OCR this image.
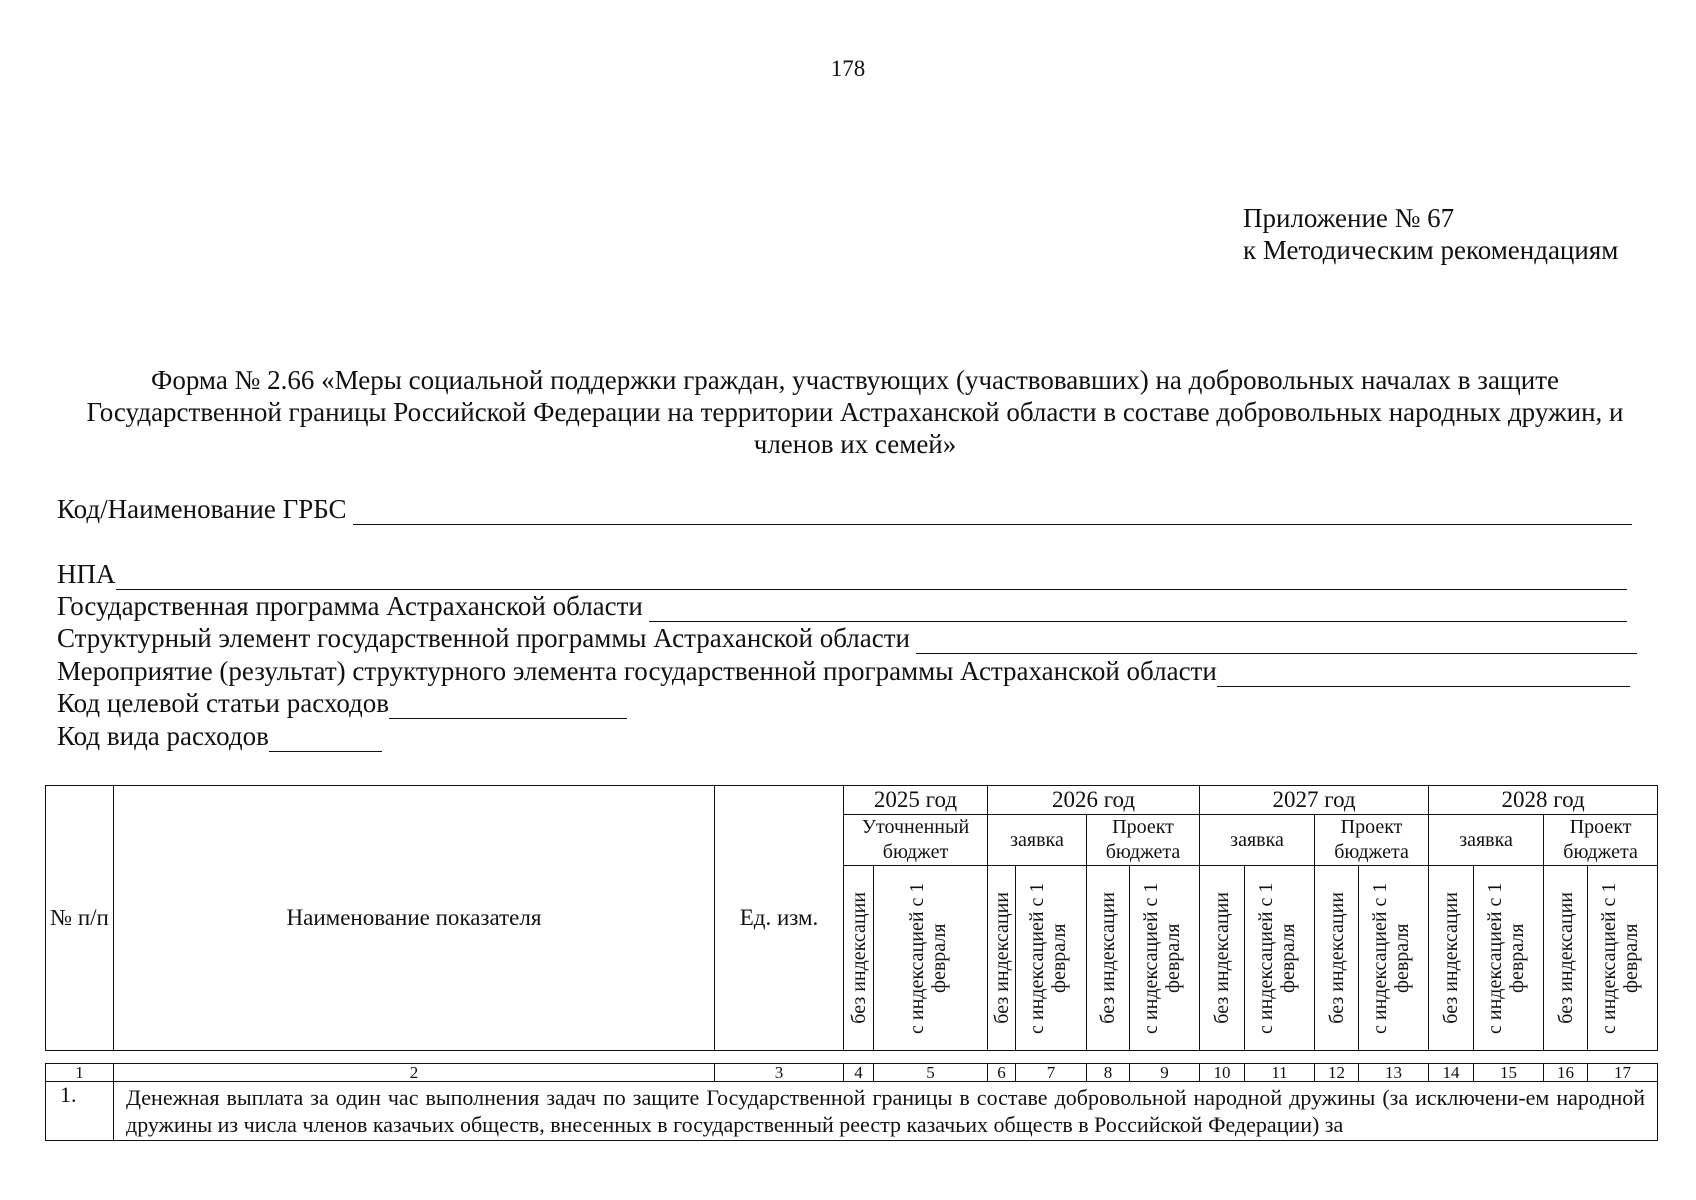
178
Приложение № 67
к Методическим рекомендациям
Форма № 2.66 «Меры социальной поддержки граждан, участвующих (участвовавших) на добровольных началах в защите Государственной границы Российской Федерации на территории Астраханской области в составе добровольных народных дружин, и членов их семей»
Код/Наименование ГРБС
НПА
Государственная программа Астраханской области
Структурный элемент государственной программы Астраханской области
Мероприятие (результат) структурного элемента государственной программы Астраханской области
Код целевой статьи расходов
Код вида расходов
№ п/п	Наименование показателя	Ед. изм.	2025 год		2026 год				2027 год				2028 год			
			Уточненный бюджет		заявка		Проект бюджета		заявка		Проект бюджета		заявка		Проект бюджета	

			без индексации	с индексацией с 1 февраля	без индексации	с индексацией с 1 февраля	без индексации	с индексацией с 1 февраля	без индексации	с индексацией с 1 февраля	без индексации	с индексацией с 1 февраля	без индексации	с индексацией с 1 февраля	без индексации	с индексацией с 1 февраля
1	2	3	4	5	6	7	8	9	10	11	12	13	14	15	16	17
1.	Денежная выплата за один час выполнения задач по защите Государственной границы в составе добровольной народной дружины (за исключени-ем народной дружины из числа членов казачьих обществ, внесенных в государственный реестр казачьих обществ в Российской Федерации) за															
